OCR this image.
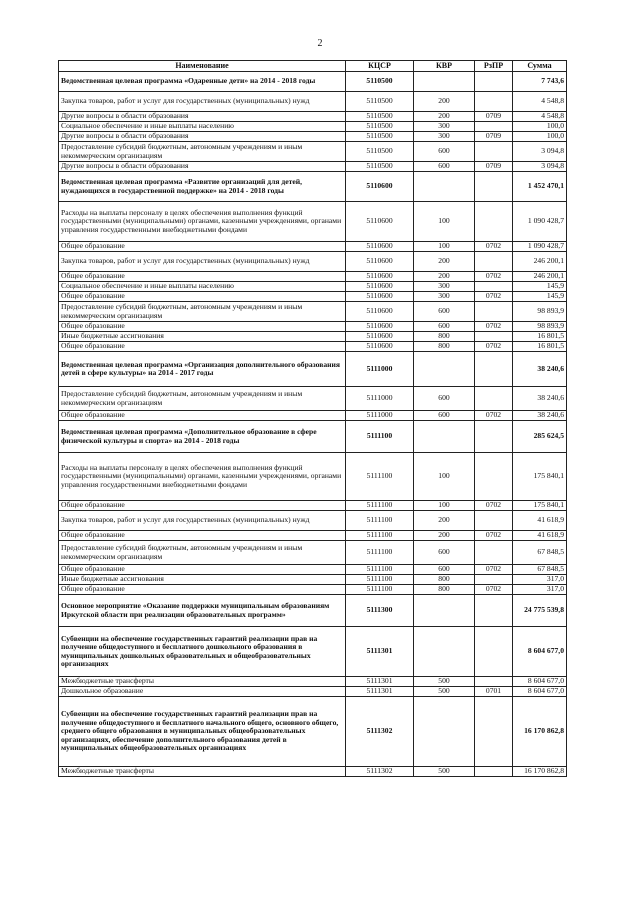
2
Наименование	КЦСР	КВР	РзПР	Сумма
Ведомственная целевая программа «Одаренные дети» на 2014 - 2018 годы	5110500			7 743,6
Закупка товаров, работ и услуг для государственных (муниципальных) нужд	5110500	200		4 548,8
Другие вопросы в области образования	5110500	200	0709	4 548,8
Социальное обеспечение и иные выплаты населению	5110500	300		100,0
Другие вопросы в области образования	5110500	300	0709	100,0
Предоставление субсидий бюджетным, автономным учреждениям и иным некоммерческим организациям	5110500	600		3 094,8
Другие вопросы в области образования	5110500	600	0709	3 094,8
Ведомственная целевая программа «Развитие организаций для детей, нуждающихся в государственной поддержке» на 2014 - 2018 годы	5110600			1 452 470,1
Расходы на выплаты персоналу в целях обеспечения выполнения функций государственными (муниципальными) органами, казенными учреждениями, органами управления государственными внебюджетными фондами	5110600	100		1 090 428,7
Общее образование	5110600	100	0702	1 090 428,7
Закупка товаров, работ и услуг для государственных (муниципальных) нужд	5110600	200		246 200,1
Общее образование	5110600	200	0702	246 200,1
Социальное обеспечение и иные выплаты населению	5110600	300		145,9
Общее образование	5110600	300	0702	145,9
Предоставление субсидий бюджетным, автономным учреждениям и иным некоммерческим организациям	5110600	600		98 893,9
Общее образование	5110600	600	0702	98 893,9
Иные бюджетные ассигнования	5110600	800		16 801,5
Общее образование	5110600	800	0702	16 801,5
Ведомственная целевая программа «Организация дополнительного образования детей в сфере культуры» на 2014 - 2017 годы	5111000			38 240,6
Предоставление субсидий бюджетным, автономным учреждениям и иным некоммерческим организациям	5111000	600		38 240,6
Общее образование	5111000	600	0702	38 240,6
Ведомственная целевая программа «Дополнительное образование в сфере физической культуры и спорта» на 2014 - 2018 годы	5111100			285 624,5
Расходы на выплаты персоналу в целях обеспечения выполнения функций государственными (муниципальными) органами, казенными учреждениями, органами управления государственными внебюджетными фондами	5111100	100		175 840,1
Общее образование	5111100	100	0702	175 840,1
Закупка товаров, работ и услуг для государственных (муниципальных) нужд	5111100	200		41 618,9
Общее образование	5111100	200	0702	41 618,9
Предоставление субсидий бюджетным, автономным учреждениям и иным некоммерческим организациям	5111100	600		67 848,5
Общее образование	5111100	600	0702	67 848,5
Иные бюджетные ассигнования	5111100	800		317,0
Общее образование	5111100	800	0702	317,0
Основное мероприятие «Оказание поддержки муниципальным образованиям Иркутской области при реализации образовательных программ»	5111300			24 775 539,8
Субвенции на обеспечение государственных гарантий реализации прав на получение общедоступного и бесплатного дошкольного образования в муниципальных дошкольных образовательных и общеобразовательных организациях	5111301			8 604 677,0
Межбюджетные трансферты	5111301	500		8 604 677,0
Дошкольное образование	5111301	500	0701	8 604 677,0
Субвенции на обеспечение государственных гарантий реализации прав на получение общедоступного и бесплатного начального общего, основного общего, среднего общего образования в муниципальных общеобразовательных организациях, обеспечение дополнительного образования детей в муниципальных общеобразовательных организациях	5111302			16 170 862,8
Межбюджетные трансферты	5111302	500		16 170 862,8
